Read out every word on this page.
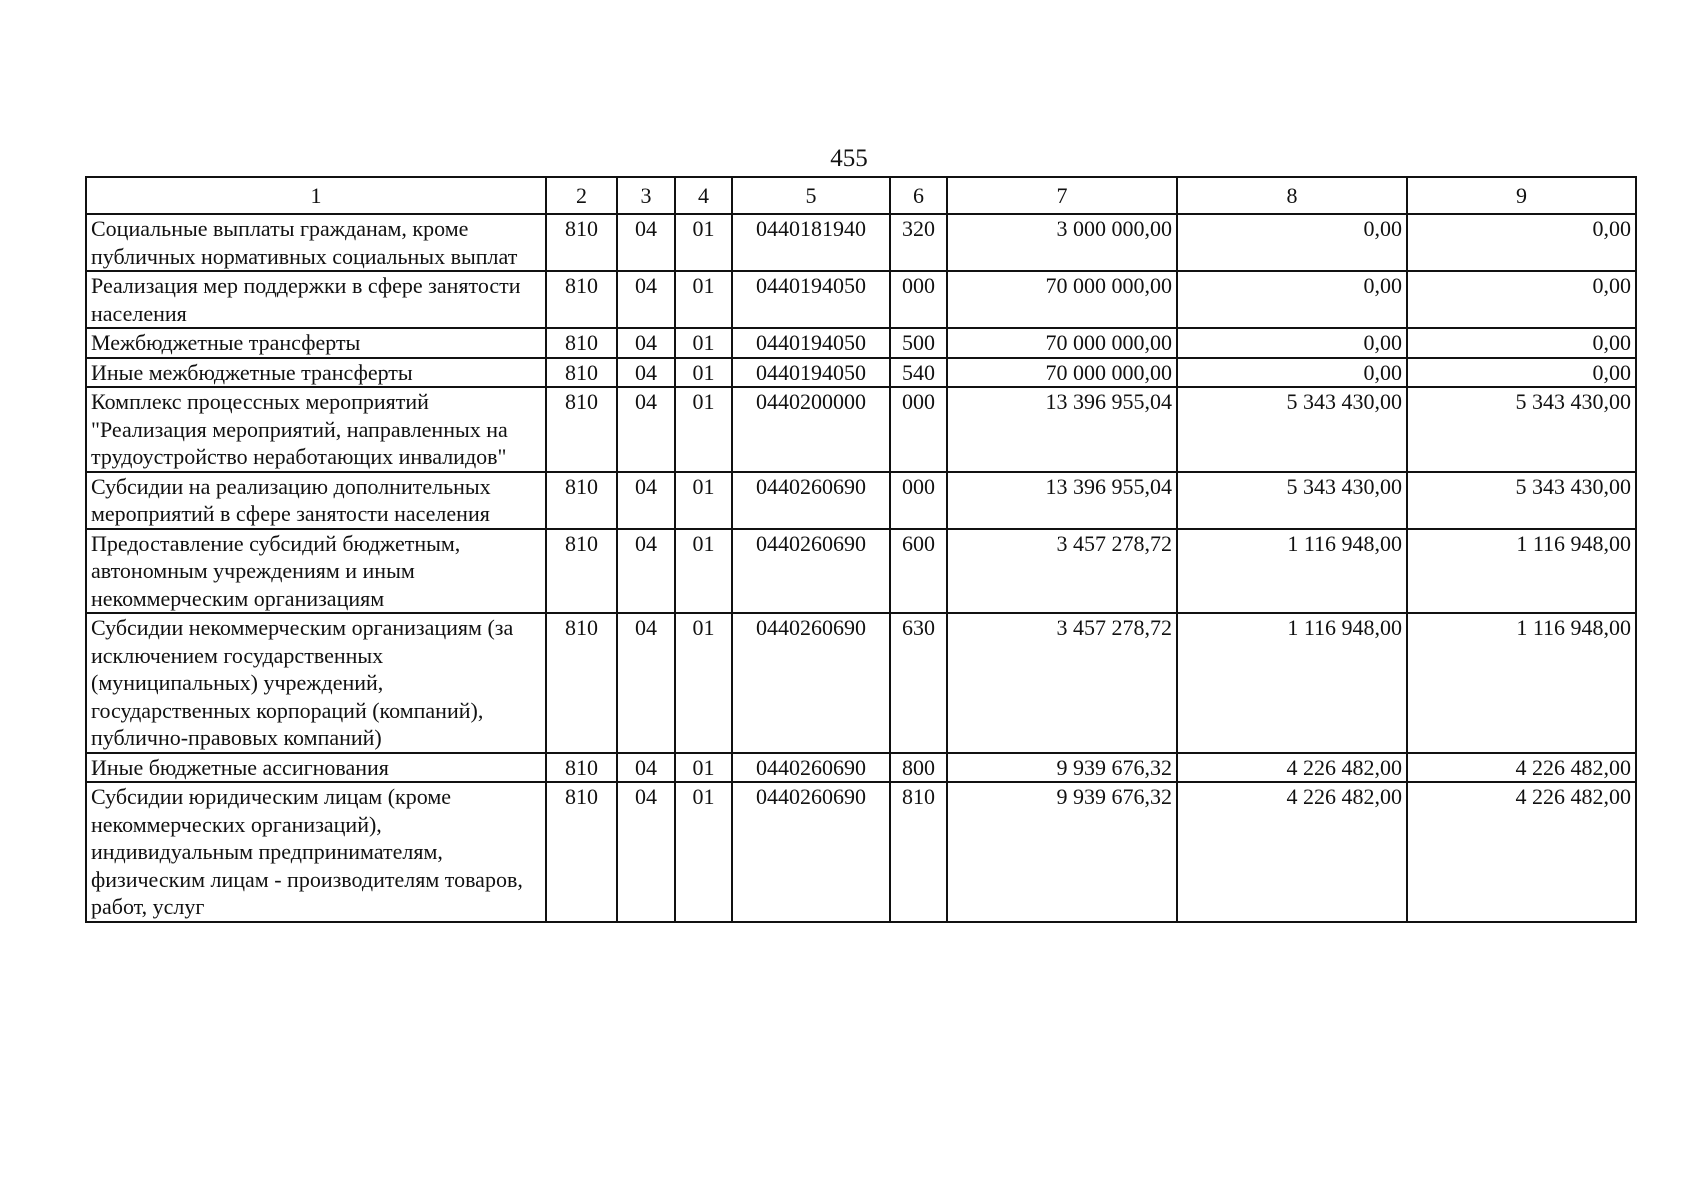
455
1	2	3	4	5	6	7	8	9
Социальные выплаты гражданам, кроме публичных нормативных социальных выплат	810	04	01	0440181940	320	3 000 000,00	0,00	0,00
Реализация мер поддержки в сфере занятости населения	810	04	01	0440194050	000	70 000 000,00	0,00	0,00
Межбюджетные трансферты	810	04	01	0440194050	500	70 000 000,00	0,00	0,00
Иные межбюджетные трансферты	810	04	01	0440194050	540	70 000 000,00	0,00	0,00
Комплекс процессных мероприятий "Реализация мероприятий, направленных на трудоустройство неработающих инвалидов"	810	04	01	0440200000	000	13 396 955,04	5 343 430,00	5 343 430,00
Субсидии на реализацию дополнительных мероприятий в сфере занятости населения	810	04	01	0440260690	000	13 396 955,04	5 343 430,00	5 343 430,00
Предоставление субсидий бюджетным, автономным учреждениям и иным некоммерческим организациям	810	04	01	0440260690	600	3 457 278,72	1 116 948,00	1 116 948,00
Субсидии некоммерческим организациям (за исключением государственных (муниципальных) учреждений, государственных корпораций (компаний), публично-правовых компаний)	810	04	01	0440260690	630	3 457 278,72	1 116 948,00	1 116 948,00
Иные бюджетные ассигнования	810	04	01	0440260690	800	9 939 676,32	4 226 482,00	4 226 482,00
Субсидии юридическим лицам (кроме некоммерческих организаций), индивидуальным предпринимателям, физическим лицам - производителям товаров, работ, услуг	810	04	01	0440260690	810	9 939 676,32	4 226 482,00	4 226 482,00
